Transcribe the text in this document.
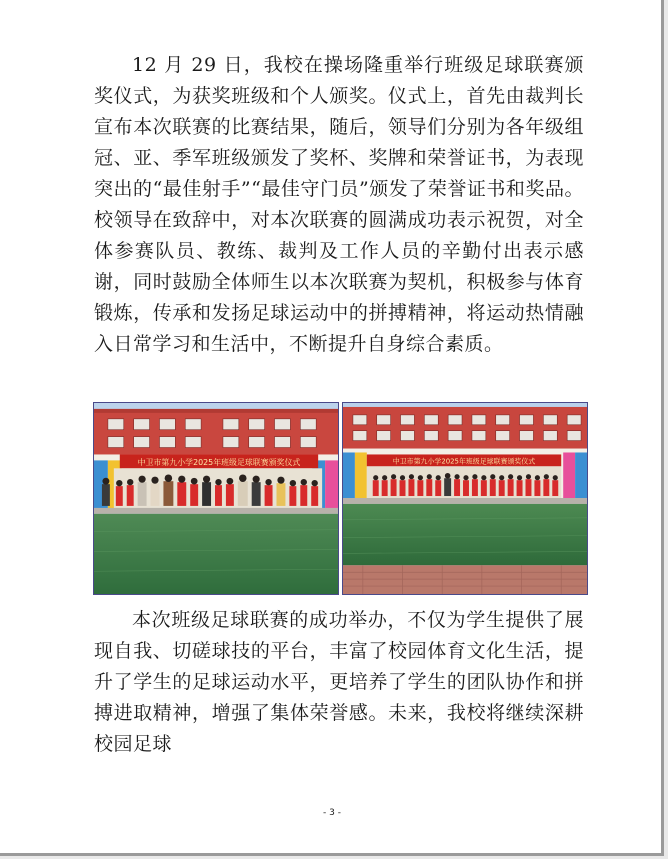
12 月 29 日，我校在操场隆重举行班级足球联赛颁奖仪式，为获奖班级和个人颁奖。仪式上，首先由裁判长宣布本次联赛的比赛结果，随后，领导们分别为各年级组冠、亚、季军班级颁发了奖杯、奖牌和荣誉证书，为表现突出的“最佳射手”“最佳守门员”颁发了荣誉证书和奖品。校领导在致辞中，对本次联赛的圆满成功表示祝贺，对全体参赛队员、教练、裁判及工作人员的辛勤付出表示感谢，同时鼓励全体师生以本次联赛为契机，积极参与体育锻炼，传承和发扬足球运动中的拼搏精神，将运动热情融入日常学习和生活中，不断提升自身综合素质。

中卫市第九小学2025年班级足球联赛颁奖仪式	中卫市第九小学2025年班级足球联赛颁奖仪式

本次班级足球联赛的成功举办，不仅为学生提供了展现自我、切磋球技的平台，丰富了校园体育文化生活，提升了学生的足球运动水平，更培养了学生的团队协作和拼搏进取精神，增强了集体荣誉感。未来，我校将继续深耕校园足球

- 3 -
